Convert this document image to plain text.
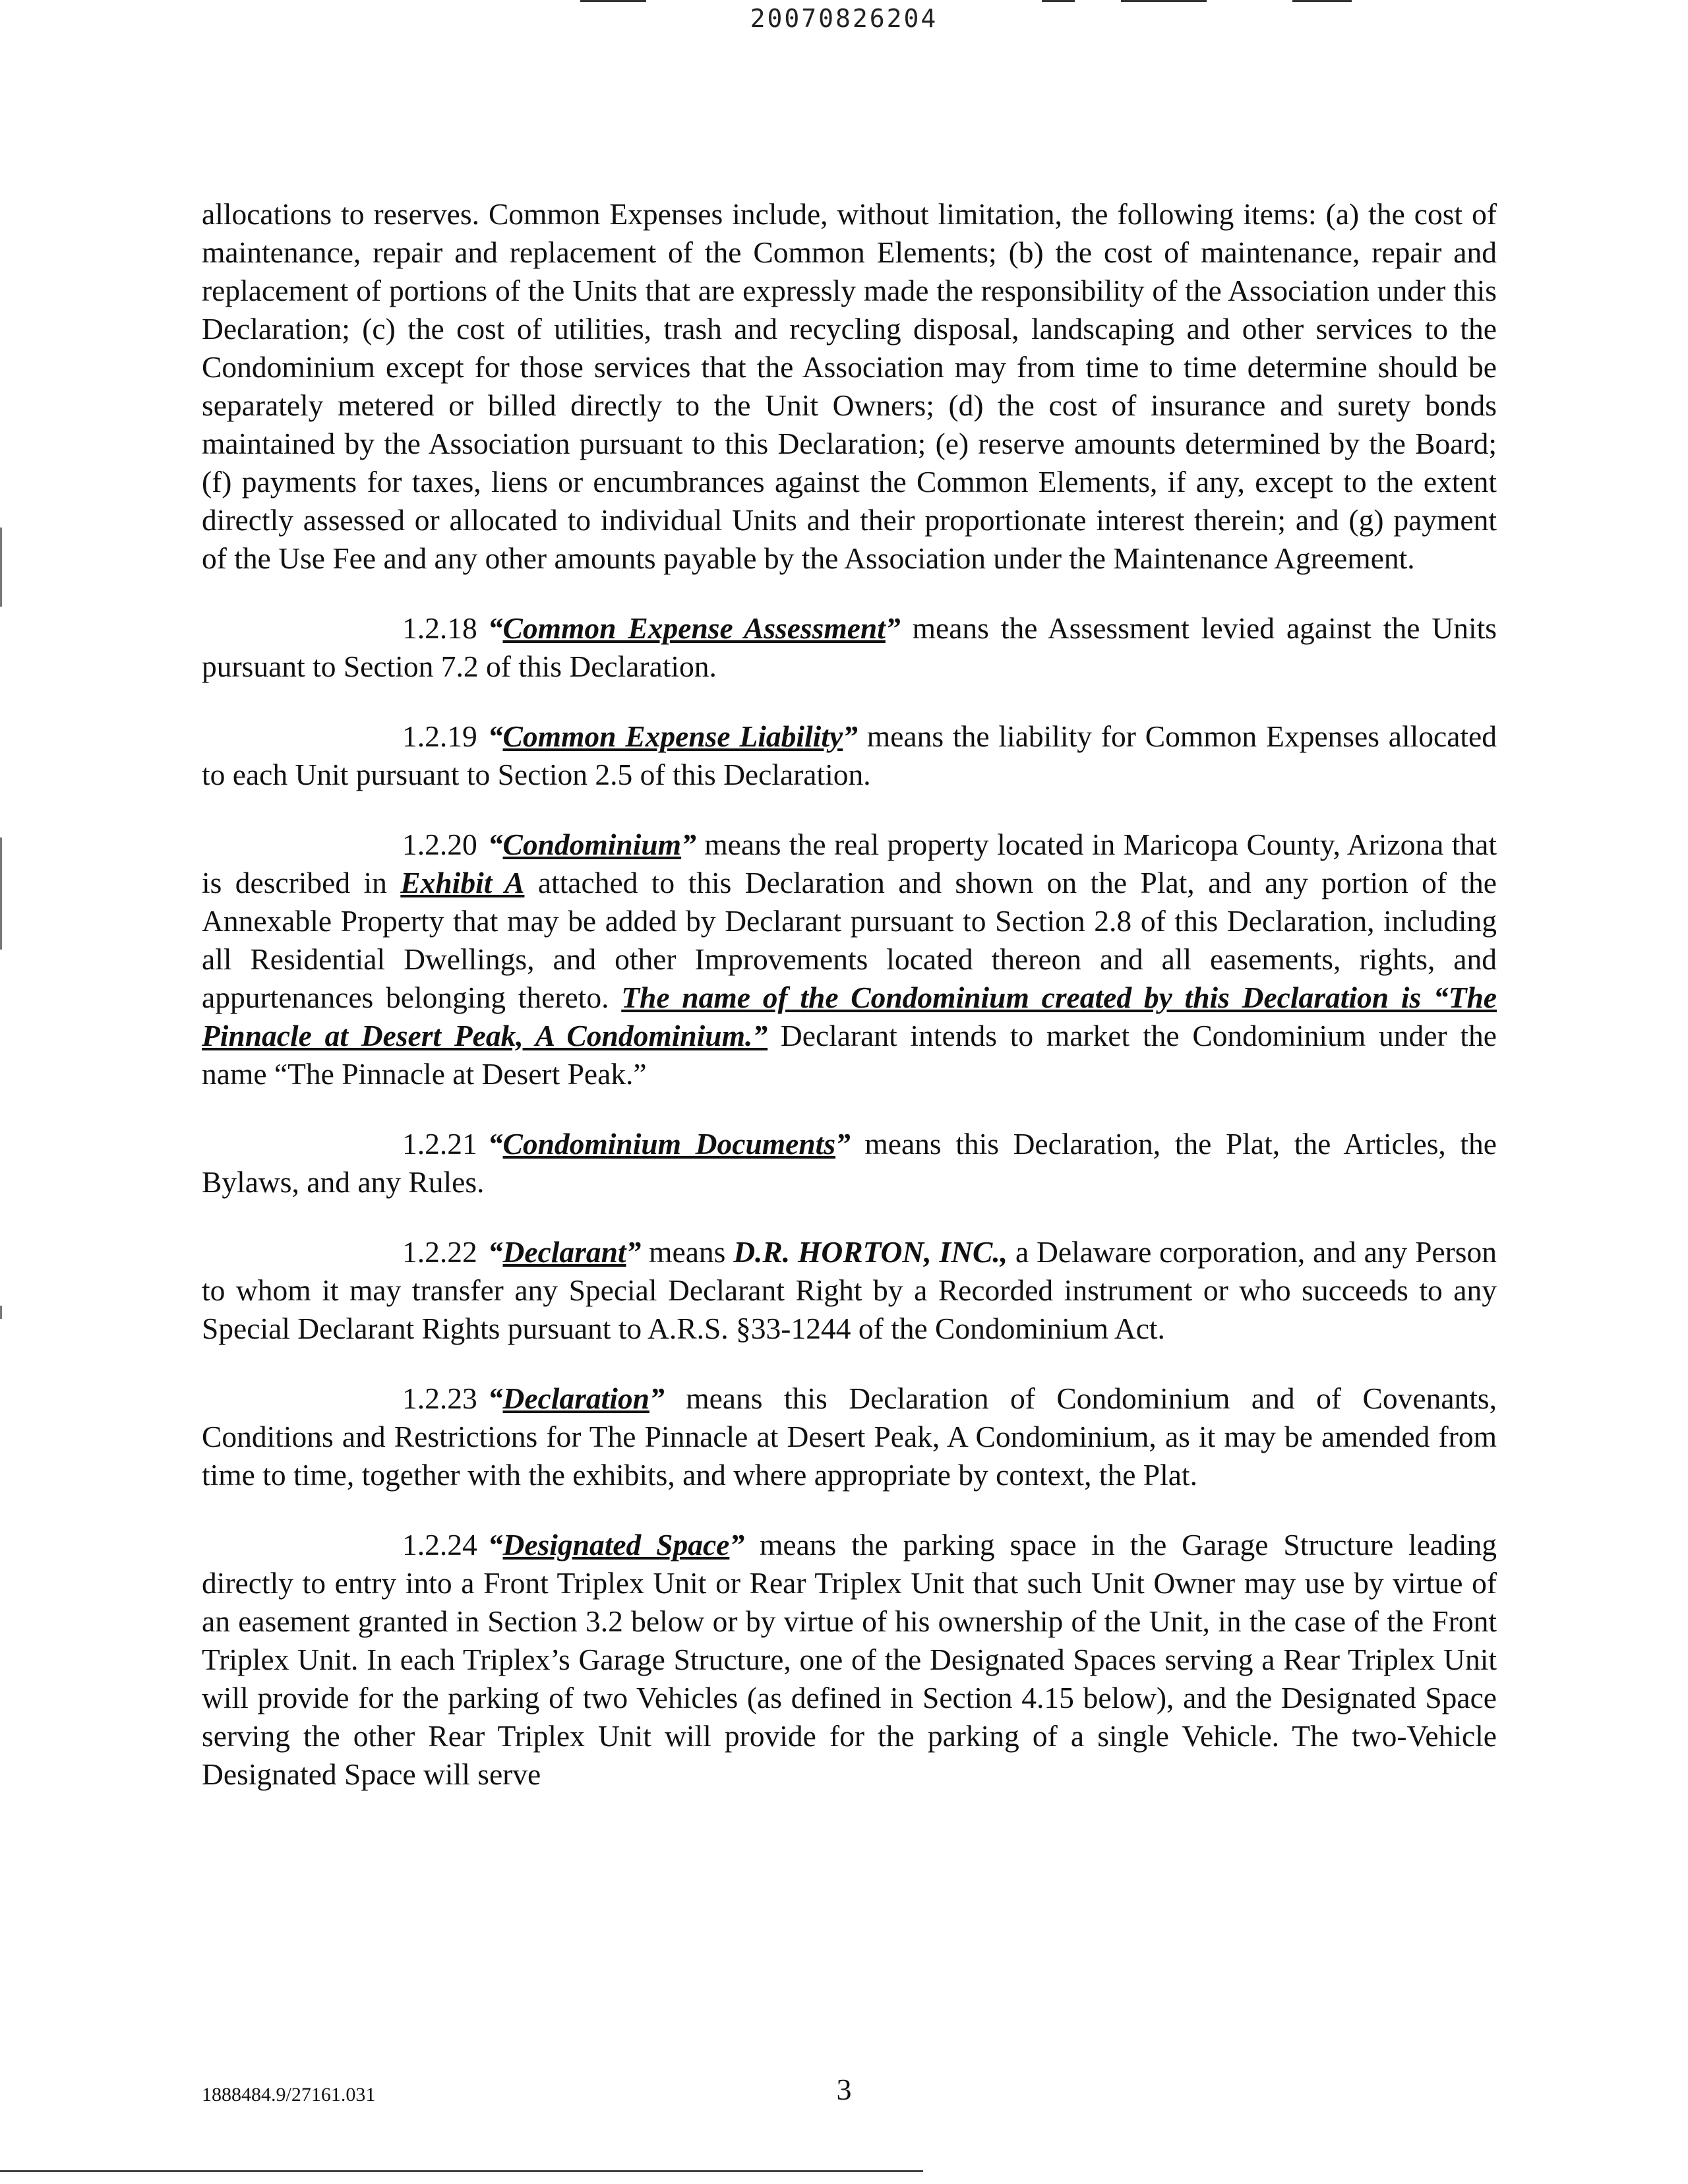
20070826204

allocations to reserves. Common Expenses include, without limitation, the following items: (a) the cost of maintenance, repair and replacement of the Common Elements; (b) the cost of maintenance, repair and replacement of portions of the Units that are expressly made the responsibility of the Association under this Declaration; (c) the cost of utilities, trash and recycling disposal, landscaping and other services to the Condominium except for those services that the Association may from time to time determine should be separately metered or billed directly to the Unit Owners; (d) the cost of insurance and surety bonds maintained by the Association pursuant to this Declaration; (e) reserve amounts determined by the Board; (f) payments for taxes, liens or encumbrances against the Common Elements, if any, except to the extent directly assessed or allocated to individual Units and their proportionate interest therein; and (g) payment of the Use Fee and any other amounts payable by the Association under the Maintenance Agreement.

1.2.18 “Common Expense Assessment” means the Assessment levied against the Units pursuant to Section 7.2 of this Declaration.

1.2.19 “Common Expense Liability” means the liability for Common Expenses allocated to each Unit pursuant to Section 2.5 of this Declaration.

1.2.20 “Condominium” means the real property located in Maricopa County, Arizona that is described in Exhibit A attached to this Declaration and shown on the Plat, and any portion of the Annexable Property that may be added by Declarant pursuant to Section 2.8 of this Declaration, including all Residential Dwellings, and other Improvements located thereon and all easements, rights, and appurtenances belonging thereto. The name of the Condominium created by this Declaration is “The Pinnacle at Desert Peak, A Condominium.” Declarant intends to market the Condominium under the name “The Pinnacle at Desert Peak.”

1.2.21 “Condominium Documents” means this Declaration, the Plat, the Articles, the Bylaws, and any Rules.

1.2.22 “Declarant” means D.R. HORTON, INC., a Delaware corporation, and any Person to whom it may transfer any Special Declarant Right by a Recorded instrument or who succeeds to any Special Declarant Rights pursuant to A.R.S. §33-1244 of the Condominium Act.

1.2.23 “Declaration” means this Declaration of Condominium and of Covenants, Conditions and Restrictions for The Pinnacle at Desert Peak, A Condominium, as it may be amended from time to time, together with the exhibits, and where appropriate by context, the Plat.

1.2.24 “Designated Space” means the parking space in the Garage Structure leading directly to entry into a Front Triplex Unit or Rear Triplex Unit that such Unit Owner may use by virtue of an easement granted in Section 3.2 below or by virtue of his ownership of the Unit, in the case of the Front Triplex Unit. In each Triplex’s Garage Structure, one of the Designated Spaces serving a Rear Triplex Unit will provide for the parking of two Vehicles (as defined in Section 4.15 below), and the Designated Space serving the other Rear Triplex Unit will provide for the parking of a single Vehicle. The two-Vehicle Designated Space will serve

1888484.9/27161.031	3
